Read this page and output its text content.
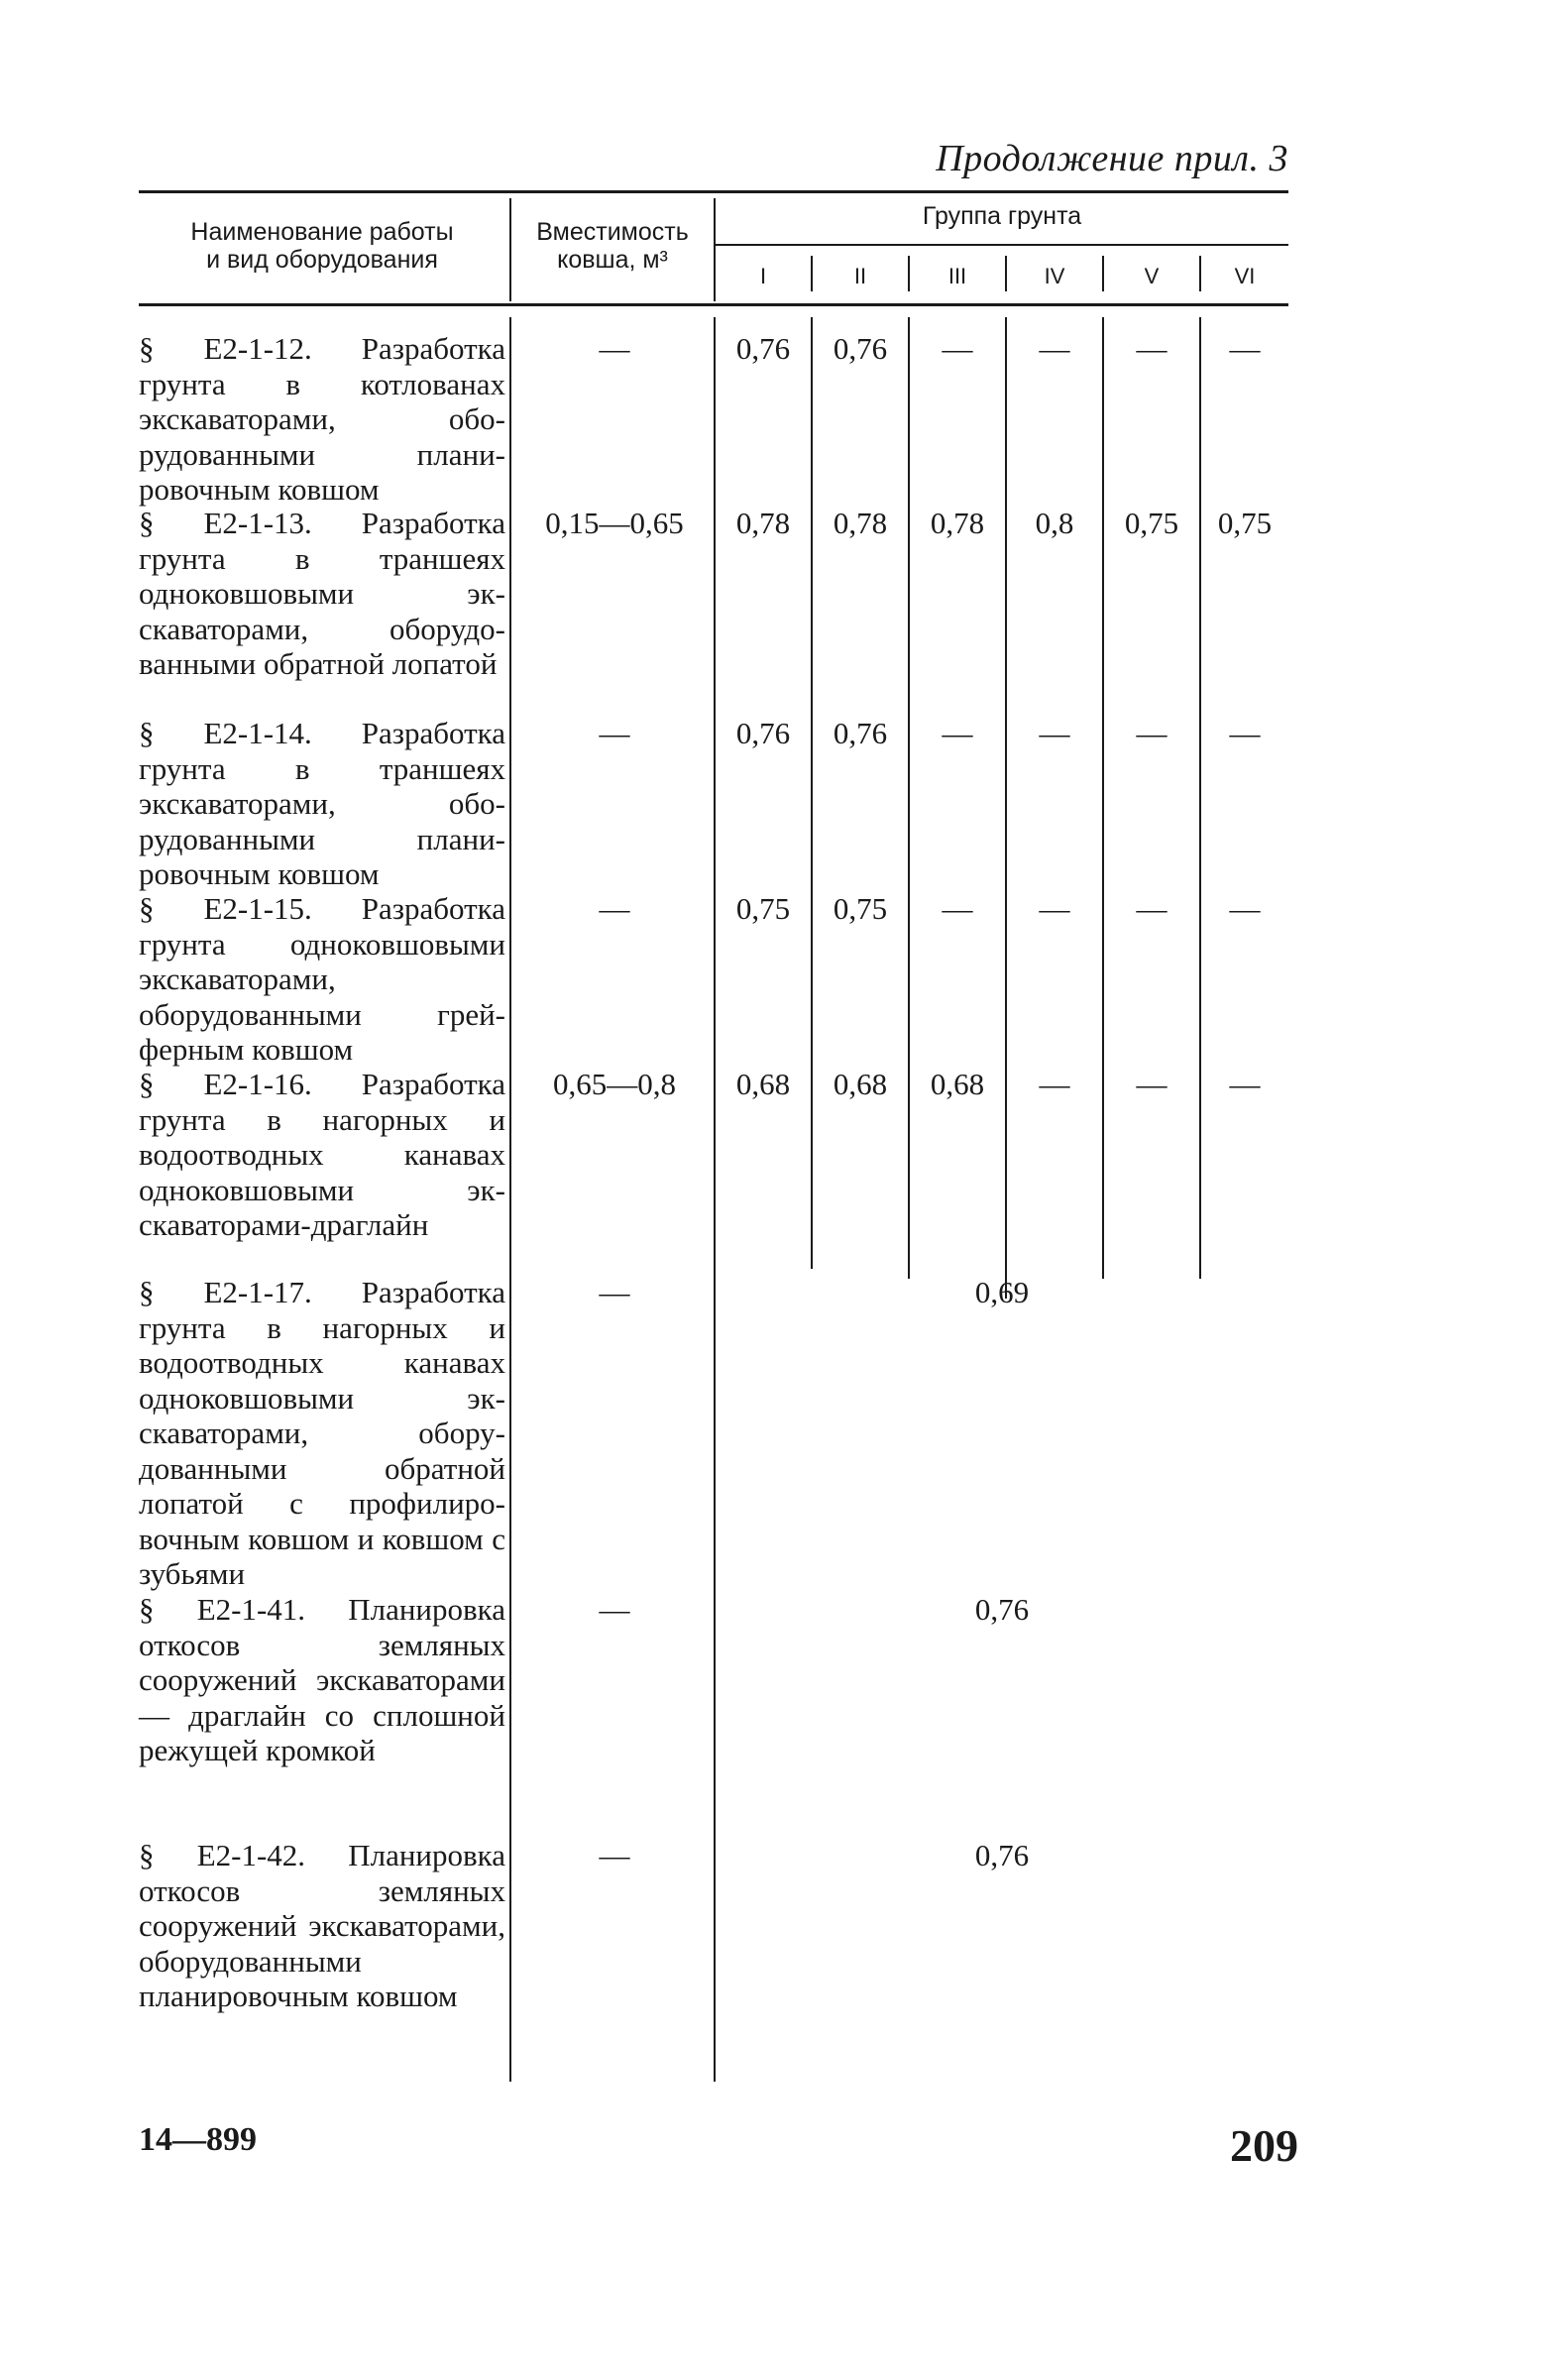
Продолжение прил. 3
Наименование работы
и вид оборудования
Вместимость
ковша, м³
Группа грунта
I	II	III	IV	V	VI
§ Е2-1-12. Разработка грунта в котлованах экскаваторами, оборудованными планировочным ковшом
—	0,76	0,76	—	—	—	—
§ Е2-1-13. Разработка грунта в траншеях одноковшовыми экскаваторами, оборудованными обратной лопатой
0,15—0,65	0,78	0,78	0,78	0,8	0,75	0,75
§ Е2-1-14. Разработка грунта в траншеях экскаваторами, оборудованными планировочным ковшом
—	0,76	0,76	—	—	—	—
§ Е2-1-15. Разработка грунта одноковшовыми экскаваторами, оборудованными грейферным ковшом
—	0,75	0,75	—	—	—	—
§ Е2-1-16. Разработка грунта в нагорных и водоотводных канавах одноковшовыми экскаваторами-драглайн
0,65—0,8	0,68	0,68	0,68	—	—	—
§ Е2-1-17. Разработка грунта в нагорных и водоотводных канавах одноковшовыми экскаваторами, оборудованными обратной лопатой с профилировочным ковшом и ковшом с зубьями
—	0,69
§ Е2-1-41. Планировка откосов земляных сооружений экскаваторами — драглайн со сплошной режущей кромкой
—	0,76
§ Е2-1-42. Планировка откосов земляных сооружений экскаваторами, оборудованными планировочным ковшом
—	0,76
14—899	209
